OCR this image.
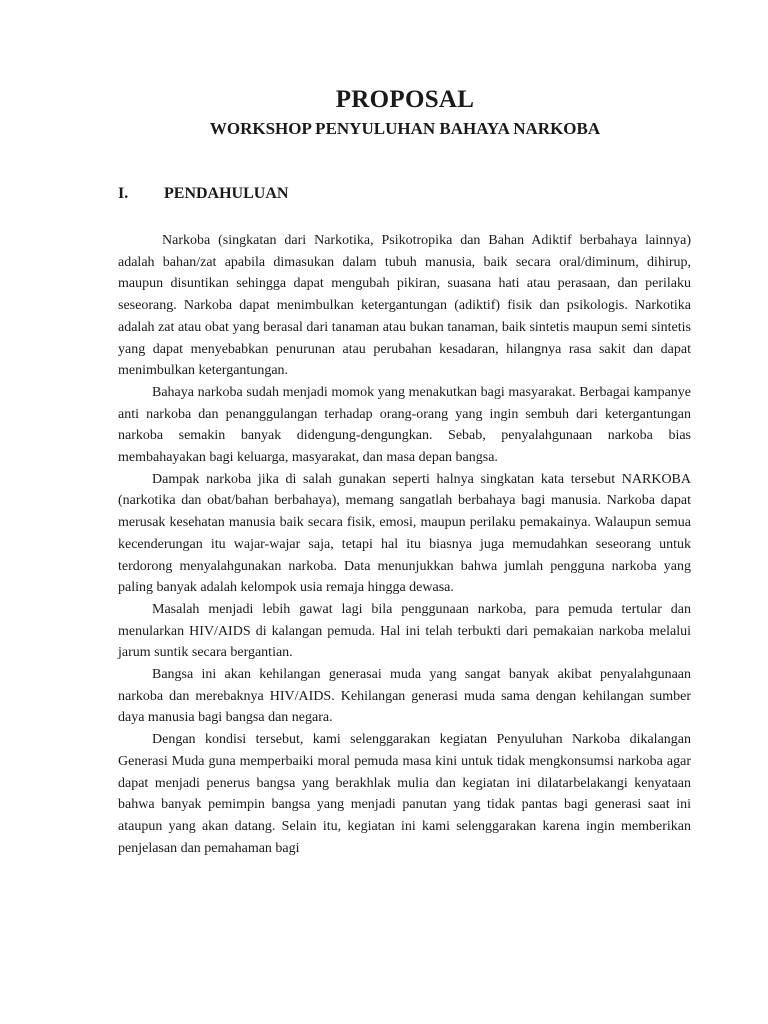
PROPOSAL
WORKSHOP PENYULUHAN BAHAYA NARKOBA
I. PENDAHULUAN

Narkoba (singkatan dari Narkotika, Psikotropika dan Bahan Adiktif berbahaya lainnya) adalah bahan/zat apabila dimasukan dalam tubuh manusia, baik secara oral/diminum, dihirup, maupun disuntikan sehingga dapat mengubah pikiran, suasana hati atau perasaan, dan perilaku seseorang. Narkoba dapat menimbulkan ketergantungan (adiktif) fisik dan psikologis. Narkotika adalah zat atau obat yang berasal dari tanaman atau bukan tanaman, baik sintetis maupun semi sintetis yang dapat menyebabkan penurunan atau perubahan kesadaran, hilangnya rasa sakit dan dapat menimbulkan ketergantungan.

Bahaya narkoba sudah menjadi momok yang menakutkan bagi masyarakat. Berbagai kampanye anti narkoba dan penanggulangan terhadap orang-orang yang ingin sembuh dari ketergantungan narkoba semakin banyak didengung-dengungkan. Sebab, penyalahgunaan narkoba bias membahayakan bagi keluarga, masyarakat, dan masa depan bangsa.

Dampak narkoba jika di salah gunakan seperti halnya singkatan kata tersebut NARKOBA (narkotika dan obat/bahan berbahaya), memang sangatlah berbahaya bagi manusia. Narkoba dapat merusak kesehatan manusia baik secara fisik, emosi, maupun perilaku pemakainya. Walaupun semua kecenderungan itu wajar-wajar saja, tetapi hal itu biasnya juga memudahkan seseorang untuk terdorong menyalahgunakan narkoba. Data menunjukkan bahwa jumlah pengguna narkoba yang paling banyak adalah kelompok usia remaja hingga dewasa.

Masalah menjadi lebih gawat lagi bila penggunaan narkoba, para pemuda tertular dan menularkan HIV/AIDS di kalangan pemuda. Hal ini telah terbukti dari pemakaian narkoba melalui jarum suntik secara bergantian.

Bangsa ini akan kehilangan generasai muda yang sangat banyak akibat penyalahgunaan narkoba dan merebaknya HIV/AIDS. Kehilangan generasi muda sama dengan kehilangan sumber daya manusia bagi bangsa dan negara.

Dengan kondisi tersebut, kami selenggarakan kegiatan Penyuluhan Narkoba dikalangan Generasi Muda guna memperbaiki moral pemuda masa kini untuk tidak mengkonsumsi narkoba agar dapat menjadi penerus bangsa yang berakhlak mulia dan kegiatan ini dilatarbelakangi kenyataan bahwa banyak pemimpin bangsa yang menjadi panutan yang tidak pantas bagi generasi saat ini ataupun yang akan datang. Selain itu, kegiatan ini kami selenggarakan karena ingin memberikan penjelasan dan pemahaman bagi
